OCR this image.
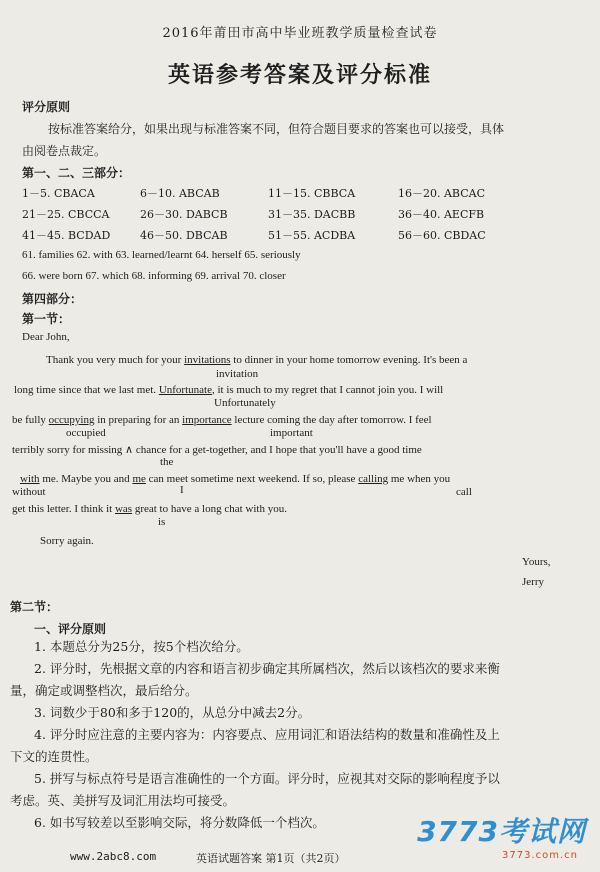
2016年莆田市高中毕业班教学质量检查试卷
英语参考答案及评分标准
评分原则
按标准答案给分，如果出现与标准答案不同，但符合题目要求的答案也可以接受，具体
由阅卷点裁定。
第一、二、三部分：
1－5. CBACA	6－10. ABCAB	11－15. CBBCA	16－20. ABCAC
21－25. CBCCA	26－30. DABCB	31－35. DACBB	36－40. AECFB
41－45. BCDAD	46－50. DBCAB	51－55. ACDBA	56－60. CBDAC
61. families 62. with 63. learned/learnt 64. herself 65. seriously
66. were born 67. which 68. informing 69. arrival 70. closer
第四部分：
第一节：
Dear John,
Thank you very much for your invitations to dinner in your home tomorrow evening. It's been a
invitation
long time since that we last met. Unfortunate, it is much to my regret that I cannot join you. I will
Unfortunately
be fully occupying in preparing for an importance lecture coming the day after tomorrow. I feel
occupied	important
terribly sorry for missing ∧ chance for a get-together, and I hope that you'll have a good time
the
with me. Maybe you and me can meet sometime next weekend. If so, please calling me when you
without	I	call
get this letter. I think it was great to have a long chat with you.
is
Sorry again.
Yours,
Jerry
第二节：
一、评分原则
1. 本题总分为25分，按5个档次给分。
2. 评分时，先根据文章的内容和语言初步确定其所属档次，然后以该档次的要求来衡
量，确定或调整档次，最后给分。
3. 词数少于80和多于120的，从总分中减去2分。
4. 评分时应注意的主要内容为：内容要点、应用词汇和语法结构的数量和准确性及上
下文的连贯性。
5. 拼写与标点符号是语言准确性的一个方面。评分时，应视其对交际的影响程度予以
考虑。英、美拼写及词汇用法均可接受。
6. 如书写较差以至影响交际，将分数降低一个档次。
www.2abc8.com	英语试题答案 第1页（共2页）
3773考试网
3773.com.cn
